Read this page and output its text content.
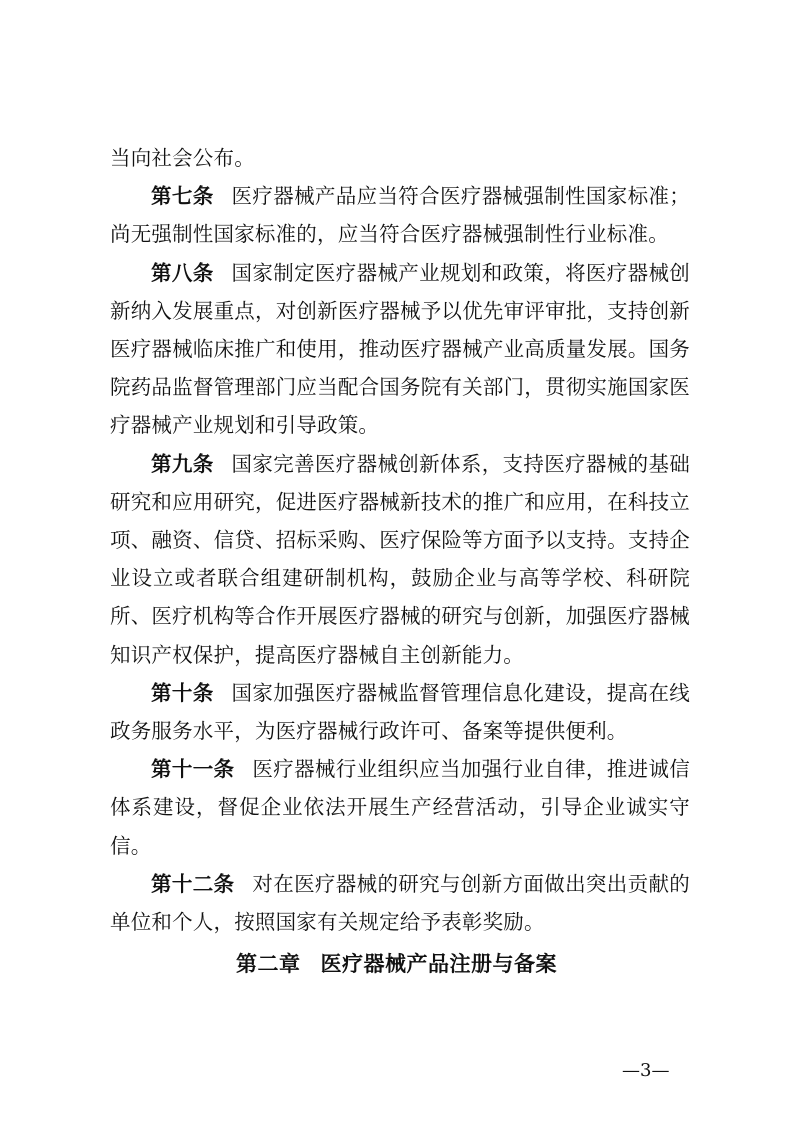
当向社会公布。

第七条 医疗器械产品应当符合医疗器械强制性国家标准；尚无强制性国家标准的，应当符合医疗器械强制性行业标准。

第八条 国家制定医疗器械产业规划和政策，将医疗器械创新纳入发展重点，对创新医疗器械予以优先审评审批，支持创新医疗器械临床推广和使用，推动医疗器械产业高质量发展。国务院药品监督管理部门应当配合国务院有关部门，贯彻实施国家医疗器械产业规划和引导政策。

第九条 国家完善医疗器械创新体系，支持医疗器械的基础研究和应用研究，促进医疗器械新技术的推广和应用，在科技立项、融资、信贷、招标采购、医疗保险等方面予以支持。支持企业设立或者联合组建研制机构，鼓励企业与高等学校、科研院所、医疗机构等合作开展医疗器械的研究与创新，加强医疗器械知识产权保护，提高医疗器械自主创新能力。

第十条 国家加强医疗器械监督管理信息化建设，提高在线政务服务水平，为医疗器械行政许可、备案等提供便利。

第十一条 医疗器械行业组织应当加强行业自律，推进诚信体系建设，督促企业依法开展生产经营活动，引导企业诚实守信。

第十二条 对在医疗器械的研究与创新方面做出突出贡献的单位和个人，按照国家有关规定给予表彰奖励。

第二章 医疗器械产品注册与备案
—3—
